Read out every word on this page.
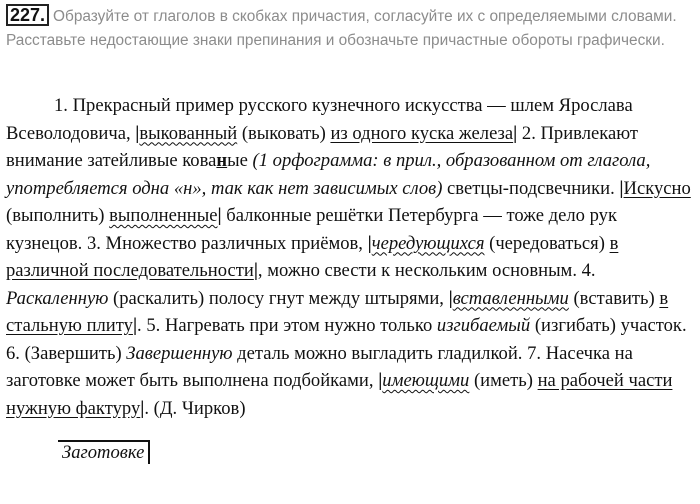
227. Образуйте от глаголов в скобках причастия, согласуйте их с определяемыми словами. Расставьте недостающие знаки препинания и обозначьте причастные обороты графически.
1. Прекрасный пример русского кузнечного искусства — шлем Ярослава Всеволодовича, |выкованный (выковать) из одного куска железа| 2. Привлекают внимание затейливые кованые (1 орфограмма: в прил., образованном от глагола, употребляется одна «н», так как нет зависимых слов) светцы-подсвечники. |Искусно (выполнить) выполненные| балконные решётки Петербурга — тоже дело рук кузнецов. 3. Множество различных приёмов, |чередующихся (чередоваться) в различной последовательности|, можно свести к нескольким основным. 4. Раскаленную (раскалить) полосу гнут между штырями, |вставленными (вставить) в стальную плиту|. 5. Нагревать при этом нужно только изгибаемый (изгибать) участок. 6. (Завершить) Завершенную деталь можно выгладить гладилкой. 7. Насечка на заготовке может быть выполнена подбойками, |имеющими (иметь) на рабочей части нужную фактуру|. (Д. Чирков)
Заготовке
